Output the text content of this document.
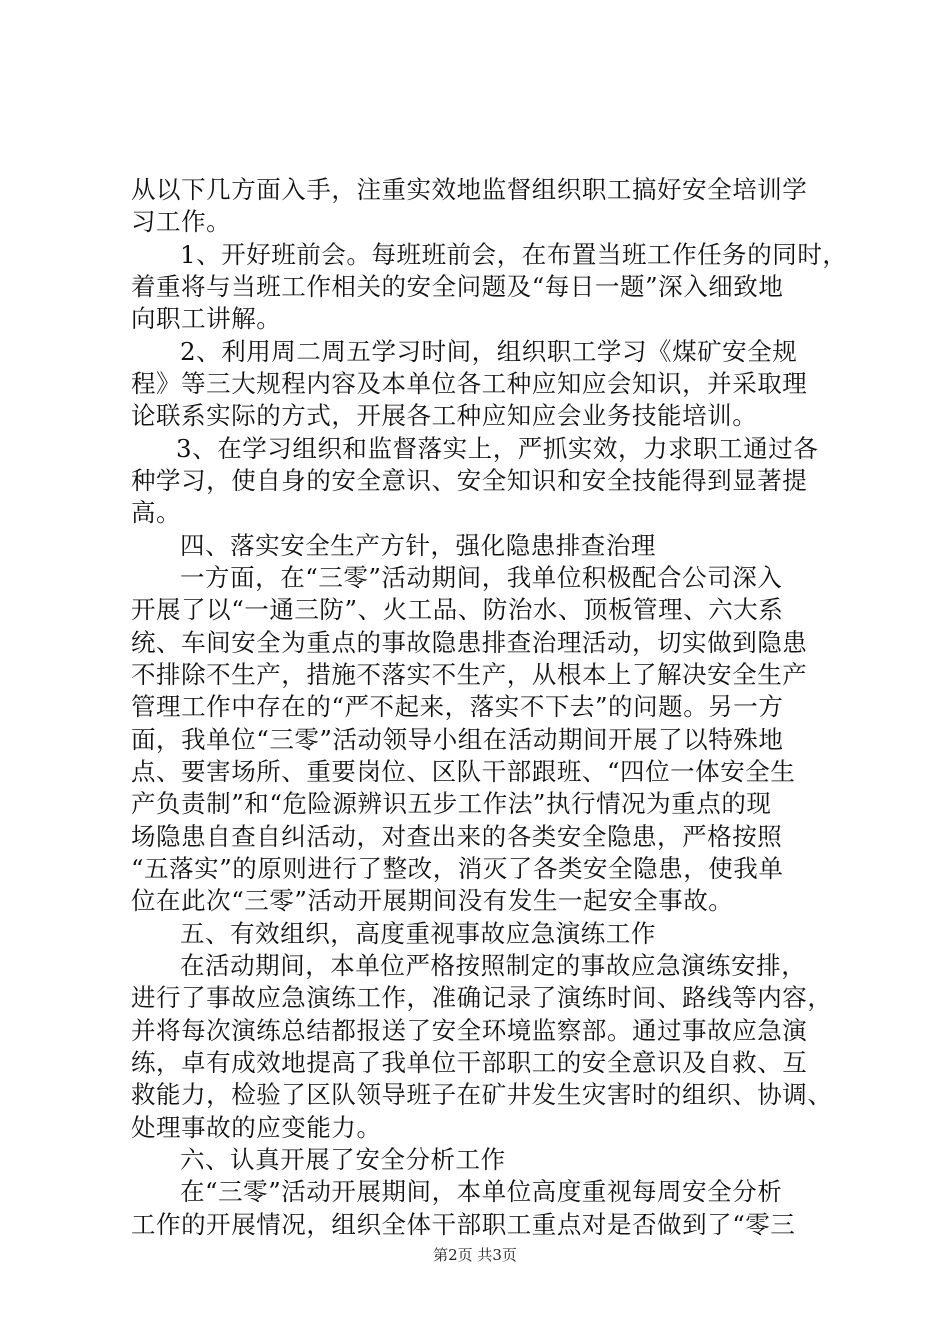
从以下几方面入手，注重实效地监督组织职工搞好安全培训学
习工作。
1、开好班前会。每班班前会，在布置当班工作任务的同时，
着重将与当班工作相关的安全问题及“每日一题”深入细致地
向职工讲解。
2、利用周二周五学习时间，组织职工学习《煤矿安全规
程》等三大规程内容及本单位各工种应知应会知识，并采取理
论联系实际的方式，开展各工种应知应会业务技能培训。
3、在学习组织和监督落实上，严抓实效，力求职工通过各
种学习，使自身的安全意识、安全知识和安全技能得到显著提
高。
四、落实安全生产方针，强化隐患排查治理
一方面，在“三零”活动期间，我单位积极配合公司深入
开展了以“一通三防”、火工品、防治水、顶板管理、六大系
统、车间安全为重点的事故隐患排查治理活动，切实做到隐患
不排除不生产，措施不落实不生产，从根本上了解决安全生产
管理工作中存在的“严不起来，落实不下去”的问题。另一方
面，我单位“三零”活动领导小组在活动期间开展了以特殊地
点、要害场所、重要岗位、区队干部跟班、“四位一体安全生
产负责制”和“危险源辨识五步工作法”执行情况为重点的现
场隐患自查自纠活动，对查出来的各类安全隐患，严格按照
“五落实”的原则进行了整改，消灭了各类安全隐患，使我单
位在此次“三零”活动开展期间没有发生一起安全事故。
五、有效组织，高度重视事故应急演练工作
在活动期间，本单位严格按照制定的事故应急演练安排，
进行了事故应急演练工作，准确记录了演练时间、路线等内容，
并将每次演练总结都报送了安全环境监察部。通过事故应急演
练，卓有成效地提高了我单位干部职工的安全意识及自救、互
救能力，检验了区队领导班子在矿井发生灾害时的组织、协调、
处理事故的应变能力。
六、认真开展了安全分析工作
在“三零”活动开展期间，本单位高度重视每周安全分析
工作的开展情况，组织全体干部职工重点对是否做到了“零三
第2页 共3页
